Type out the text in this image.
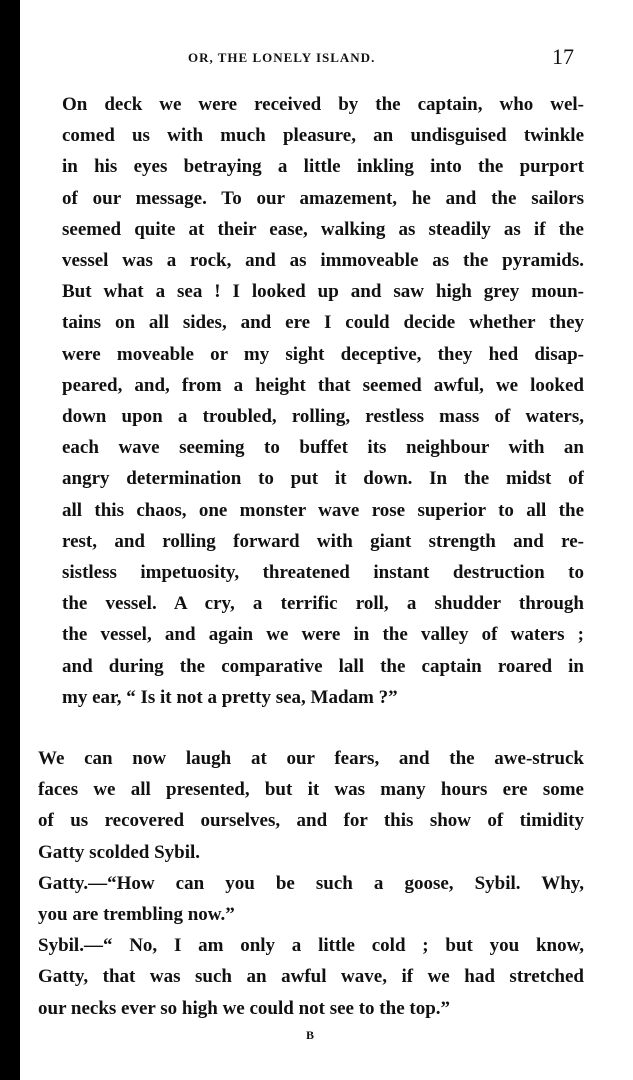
OR, THE LONELY ISLAND.	17

On deck we were received by the captain, who wel-
comed us with much pleasure, an undisguised twinkle
in his eyes betraying a little inkling into the purport
of our message. To our amazement, he and the sailors
seemed quite at their ease, walking as steadily as if the
vessel was a rock, and as immoveable as the pyramids.
But what a sea ! I looked up and saw high grey moun-
tains on all sides, and ere I could decide whether they
were moveable or my sight deceptive, they hed disap-
peared, and, from a height that seemed awful, we looked
down upon a troubled, rolling, restless mass of waters,
each wave seeming to buffet its neighbour with an
angry determination to put it down. In the midst of
all this chaos, one monster wave rose superior to all the
rest, and rolling forward with giant strength and re-
sistless impetuosity, threatened instant destruction to
the vessel. A cry, a terrific roll, a shudder through
the vessel, and again we were in the valley of waters ;
and during the comparative lall the captain roared in
my ear, “ Is it not a pretty sea, Madam ?”

We can now laugh at our fears, and the awe-struck
faces we all presented, but it was many hours ere some
of us recovered ourselves, and for this show of timidity
Gatty scolded Sybil.

Gatty.—“How can you be such a goose, Sybil. Why,
you are trembling now.”

Sybil.—“ No, I am only a little cold ; but you know,
Gatty, that was such an awful wave, if we had stretched
our necks ever so high we could not see to the top.”

B
